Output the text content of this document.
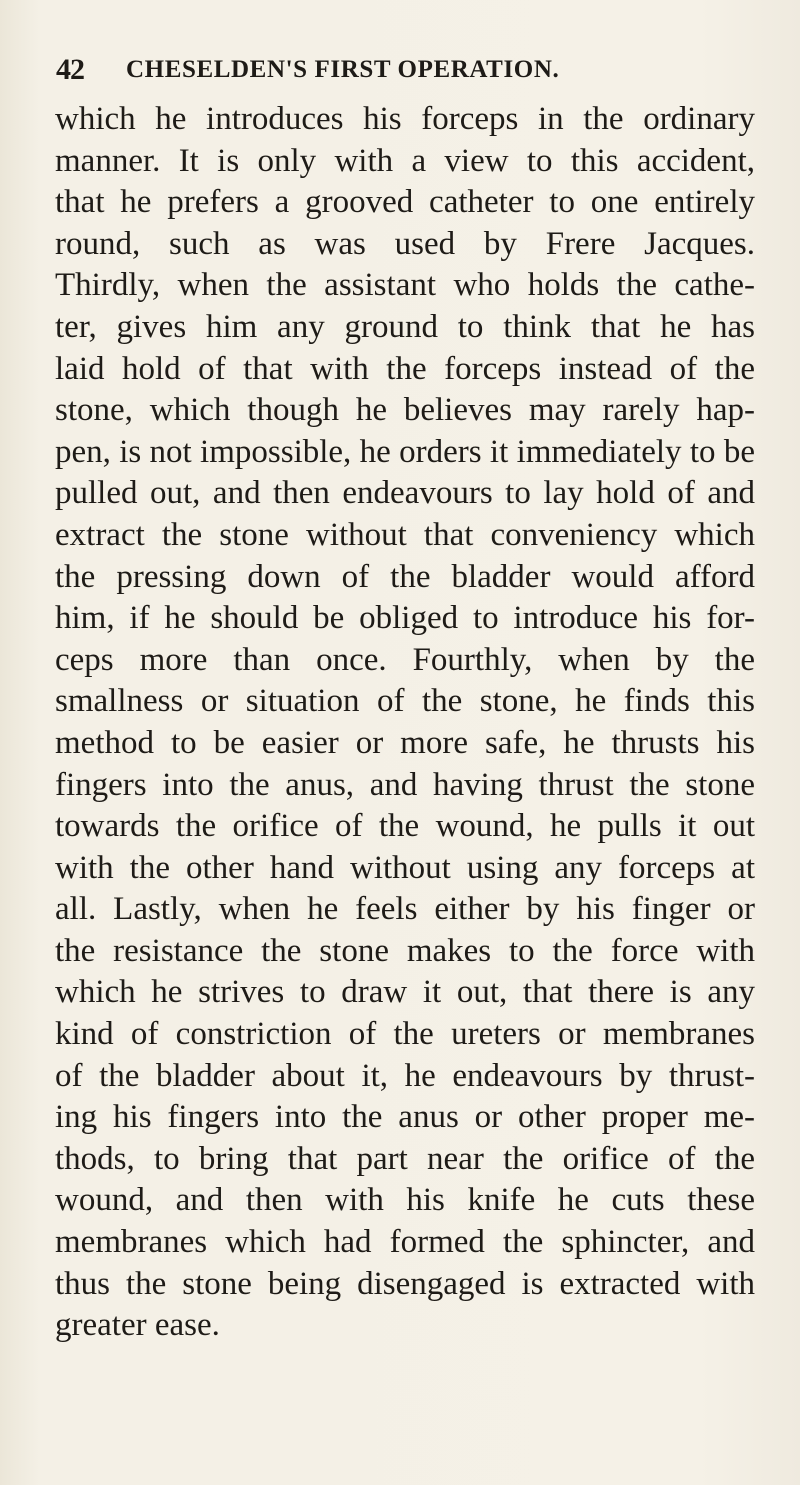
42 CHESELDEN'S FIRST OPERATION.
which he introduces his forceps in the ordinary
manner. It is only with a view to this accident,
that he prefers a grooved catheter to one entirely
round, such as was used by Frere Jacques.
Thirdly, when the assistant who holds the cathe-
ter, gives him any ground to think that he has
laid hold of that with the forceps instead of the
stone, which though he believes may rarely hap-
pen, is not impossible, he orders it immediately to be
pulled out, and then endeavours to lay hold of and
extract the stone without that conveniency which
the pressing down of the bladder would afford
him, if he should be obliged to introduce his for-
ceps more than once. Fourthly, when by the
smallness or situation of the stone, he finds this
method to be easier or more safe, he thrusts his
fingers into the anus, and having thrust the stone
towards the orifice of the wound, he pulls it out
with the other hand without using any forceps at
all. Lastly, when he feels either by his finger or
the resistance the stone makes to the force with
which he strives to draw it out, that there is any
kind of constriction of the ureters or membranes
of the bladder about it, he endeavours by thrust-
ing his fingers into the anus or other proper me-
thods, to bring that part near the orifice of the
wound, and then with his knife he cuts these
membranes which had formed the sphincter, and
thus the stone being disengaged is extracted with
greater ease.
